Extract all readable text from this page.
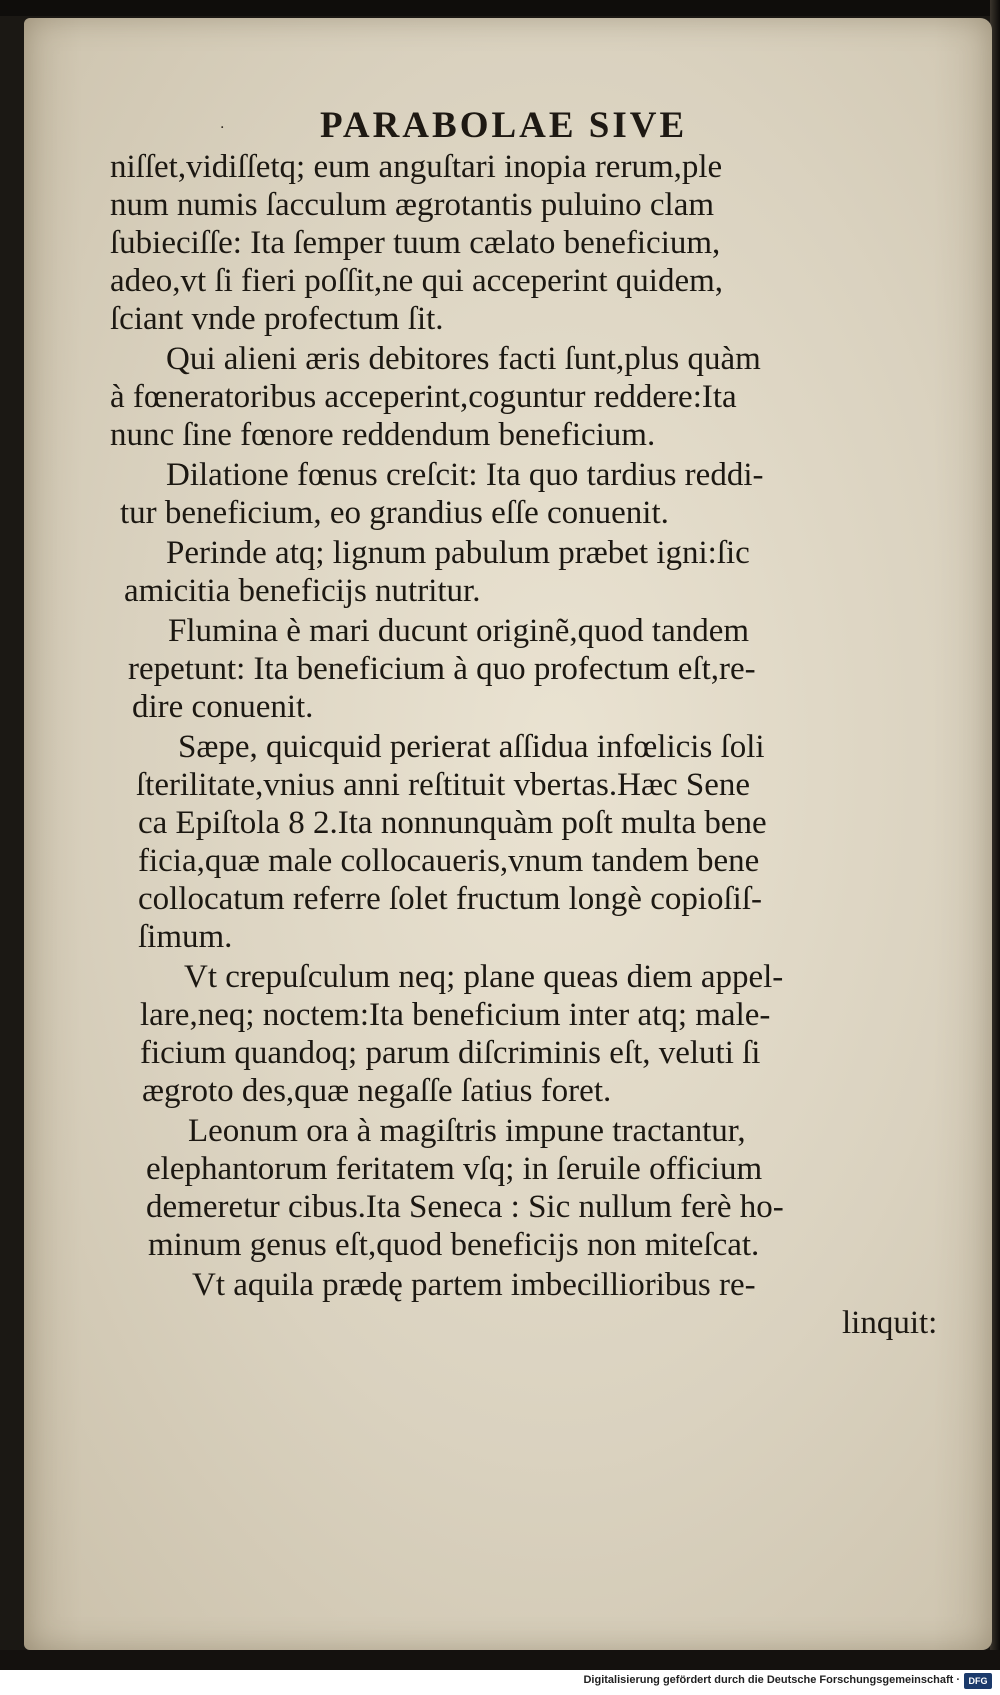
·	PARABOLAE SIVE
niſſet,vidiſſetq; eum anguſtari inopia rerum,ple
num numis ſacculum ægrotantis puluino clam
ſubieciſſe: Ita ſemper tuum cælato beneficium,
adeo,vt ſi fieri poſſit,ne qui acceperint quidem,
ſciant vnde profectum ſit.
Qui alieni æris debitores facti ſunt,plus quàm
à fœneratoribus acceperint,coguntur reddere:Ita
nunc ſine fœnore reddendum beneficium.
Dilatione fœnus creſcit: Ita quo tardius reddi-
tur beneficium, eo grandius eſſe conuenit.
Perinde atq; lignum pabulum præbet igni:ſic
amicitia beneficijs nutritur.
Flumina è mari ducunt originẽ,quod tandem
repetunt: Ita beneficium à quo profectum eſt,re-
dire conuenit.
Sæpe, quicquid perierat aſſidua infœlicis ſoli
ſterilitate,vnius anni reſtituit vbertas.Hæc Sene
ca Epiſtola 8 2.Ita nonnunquàm poſt multa bene
ficia,quæ male collocaueris,vnum tandem bene
collocatum referre ſolet fructum longè copioſiſ-
ſimum.
Vt crepuſculum neq; plane queas diem appel-
lare,neq; noctem:Ita beneficium inter atq; male-
ficium quandoq; parum diſcriminis eſt, veluti ſi
ægroto des,quæ negaſſe ſatius foret.
Leonum ora à magiſtris impune tractantur,
elephantorum feritatem vſq; in ſeruile officium
demeretur cibus.Ita Seneca : Sic nullum ferè ho-
minum genus eſt,quod beneficijs non miteſcat.
Vt aquila prædę partem imbecillioribus re-
linquit:
Digitalisierung gefördert durch die Deutsche Forschungsgemeinschaft · DFG
